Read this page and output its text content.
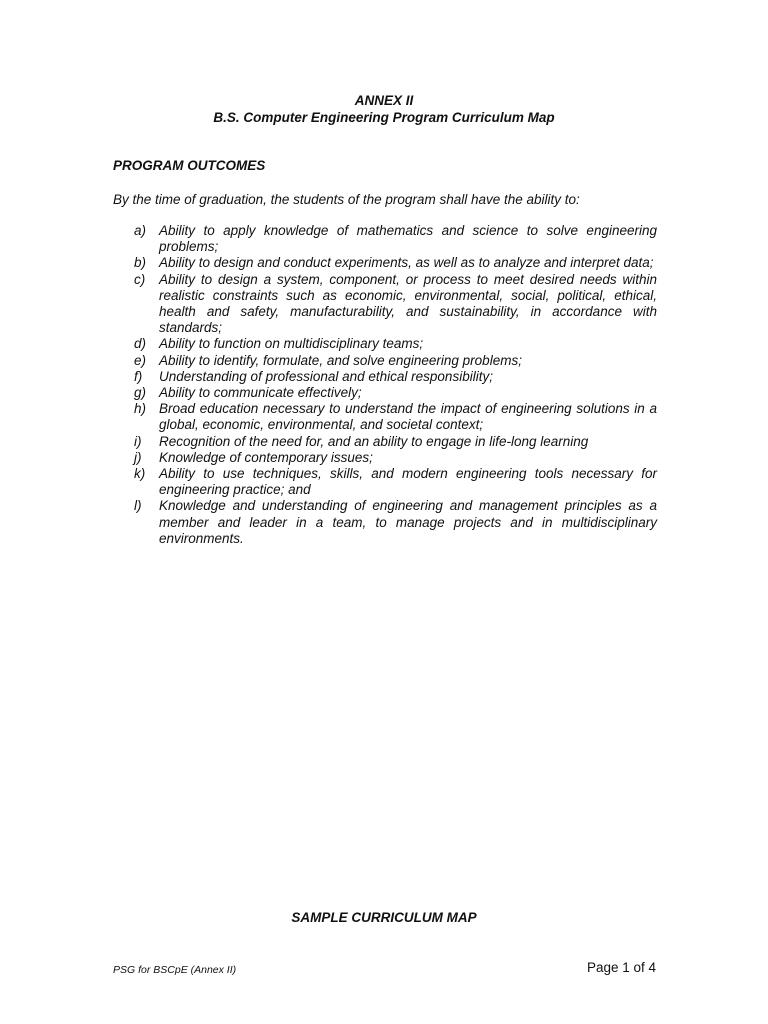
ANNEX II
B.S. Computer Engineering Program Curriculum Map
PROGRAM OUTCOMES
By the time of graduation, the students of the program shall have the ability to:
a) Ability to apply knowledge of mathematics and science to solve engineering problems;
b) Ability to design and conduct experiments, as well as to analyze and interpret data;
c)	Ability to design a system, component, or process to meet desired needs within realistic constraints such as economic, environmental, social, political, ethical, health and safety, manufacturability, and sustainability, in accordance with standards;
d) Ability to function on multidisciplinary teams;
e) Ability to identify, formulate, and solve engineering problems;
f)	Understanding of professional and ethical responsibility;
g) Ability to communicate effectively;
h) Broad education necessary to understand the impact of engineering solutions in a global, economic, environmental, and societal context;
i)	Recognition of the need for, and an ability to engage in life-long learning
j)	Knowledge of contemporary issues;
k)	Ability to use techniques, skills, and modern engineering tools necessary for engineering practice; and
l)	Knowledge and understanding of engineering and management principles as a member and leader in a team, to manage projects and in multidisciplinary environments.
SAMPLE CURRICULUM MAP
PSG for BSCpE (Annex II)	Page 1 of 4
